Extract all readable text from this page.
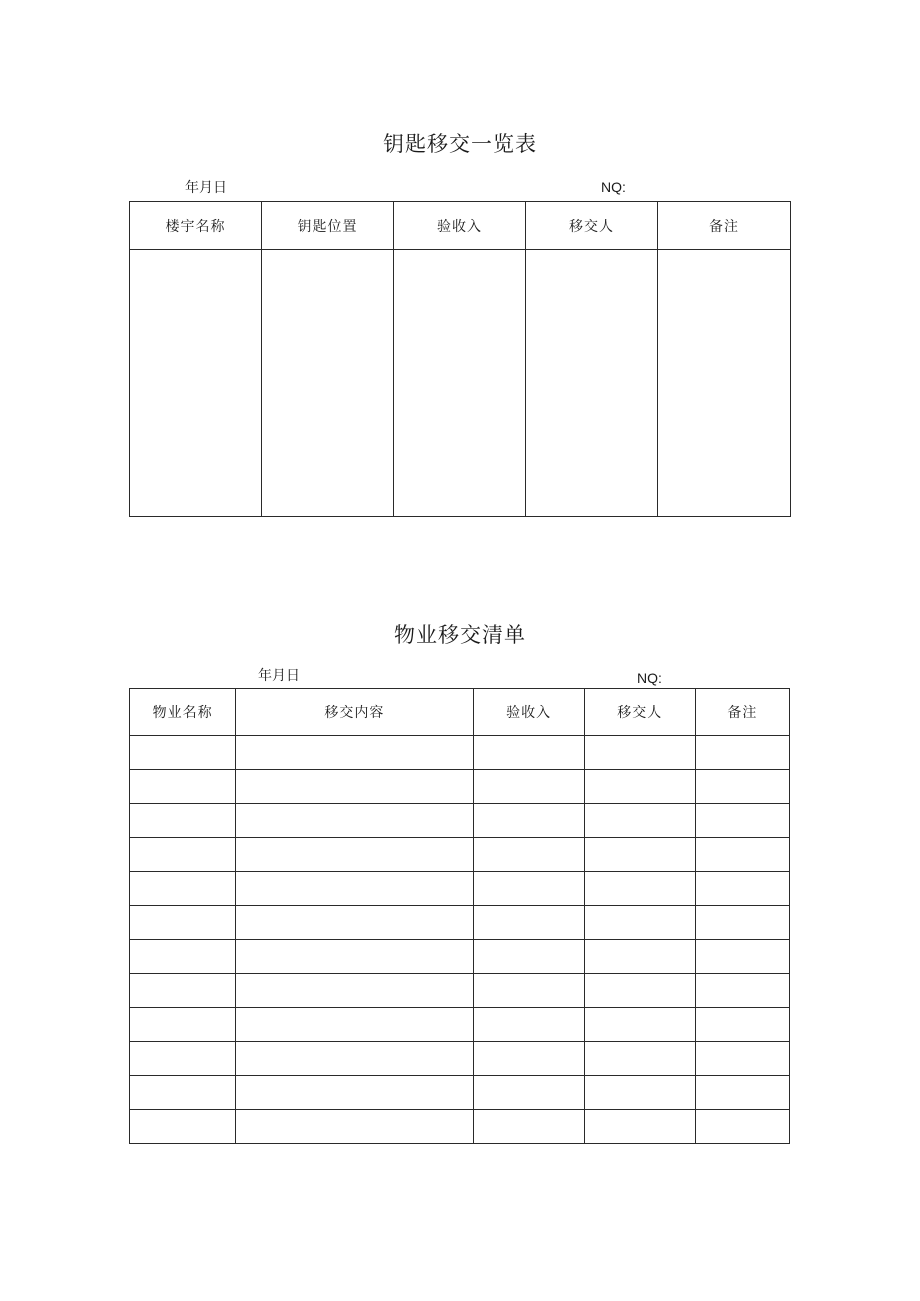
钥匙移交一览表
年月日	NQ:
楼宇名称	钥匙位置	验收入	移交人	备注

物业移交清单
年月日	NQ:
物业名称	移交内容	验收入	移交人	备注
